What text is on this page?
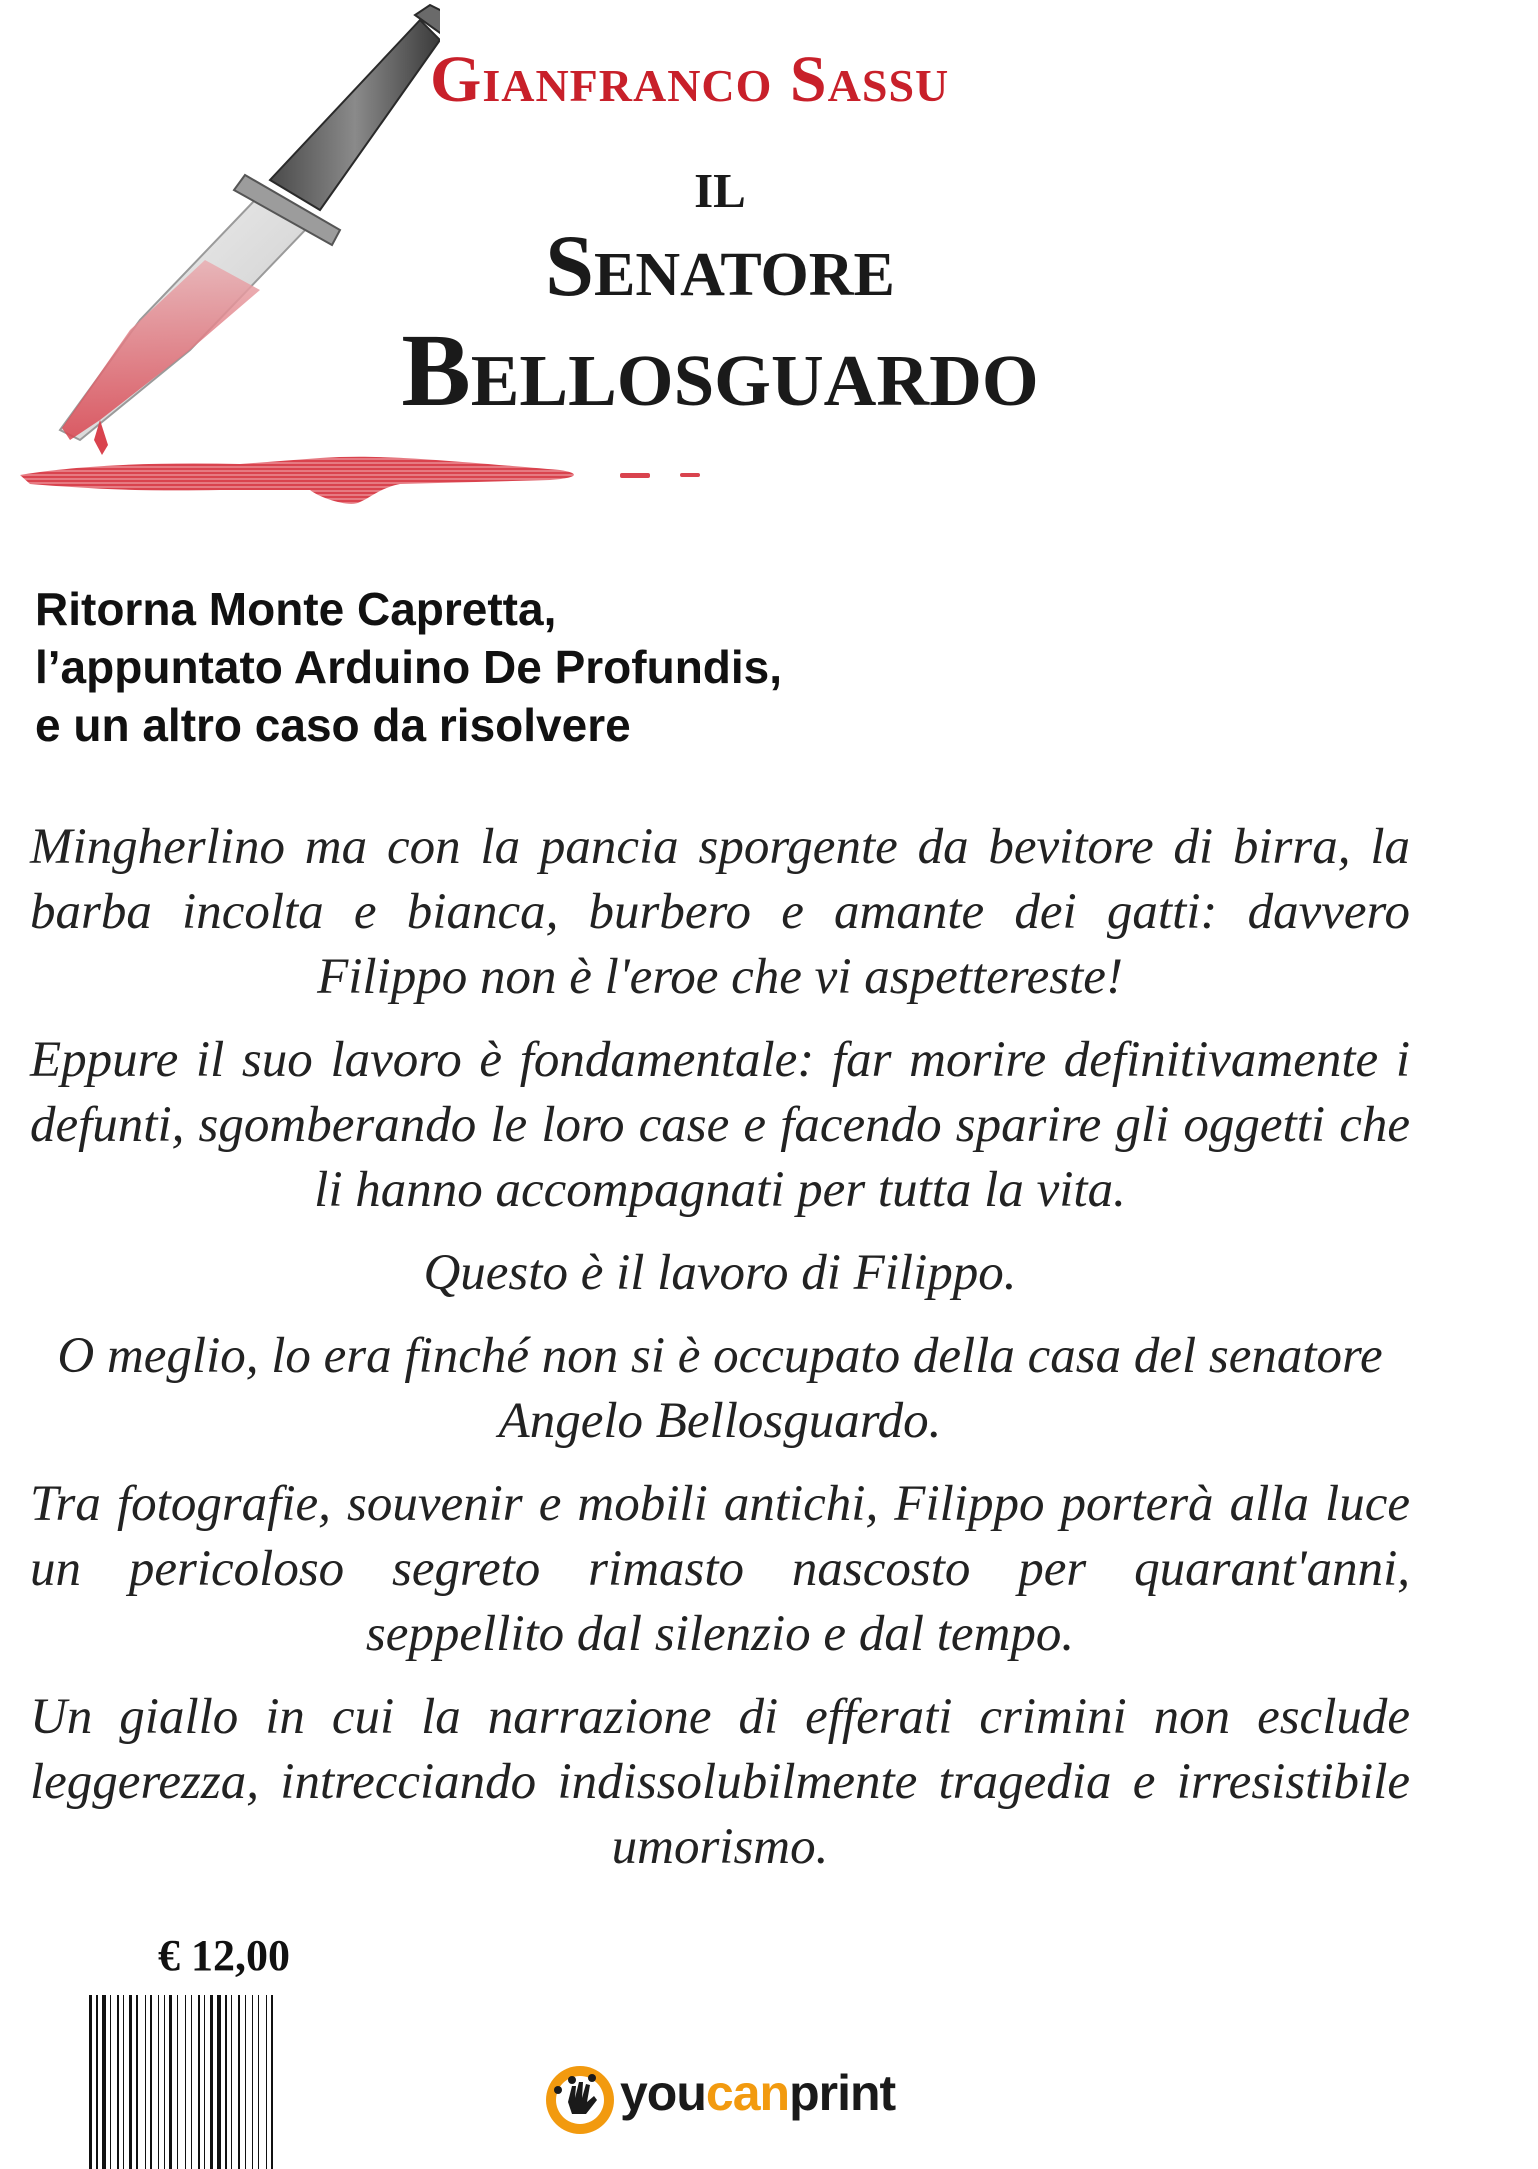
Gianfranco Sassu
il
Senatore
Bellosguardo
Ritorna Monte Capretta,
l’appuntato Arduino De Profundis,
e un altro caso da risolvere

Mingherlino ma con la pancia sporgente da bevitore di birra, la barba incolta e bianca, burbero e amante dei gatti: davvero Filippo non è l'eroe che vi aspettereste!

Eppure il suo lavoro è fondamentale: far morire definitivamente i defunti, sgomberando le loro case e facendo sparire gli oggetti che li hanno accompagnati per tutta la vita.

Questo è il lavoro di Filippo.

O meglio, lo era finché non si è occupato della casa del senatore Angelo Bellosguardo.

Tra fotografie, souvenir e mobili antichi, Filippo porterà alla luce un pericoloso segreto rimasto nascosto per quarant'anni, seppellito dal silenzio e dal tempo.

Un giallo in cui la narrazione di efferati crimini non esclude leggerezza, intrecciando indissolubilmente tragedia e irresistibile umorismo.

€ 12,00
youcanprint
